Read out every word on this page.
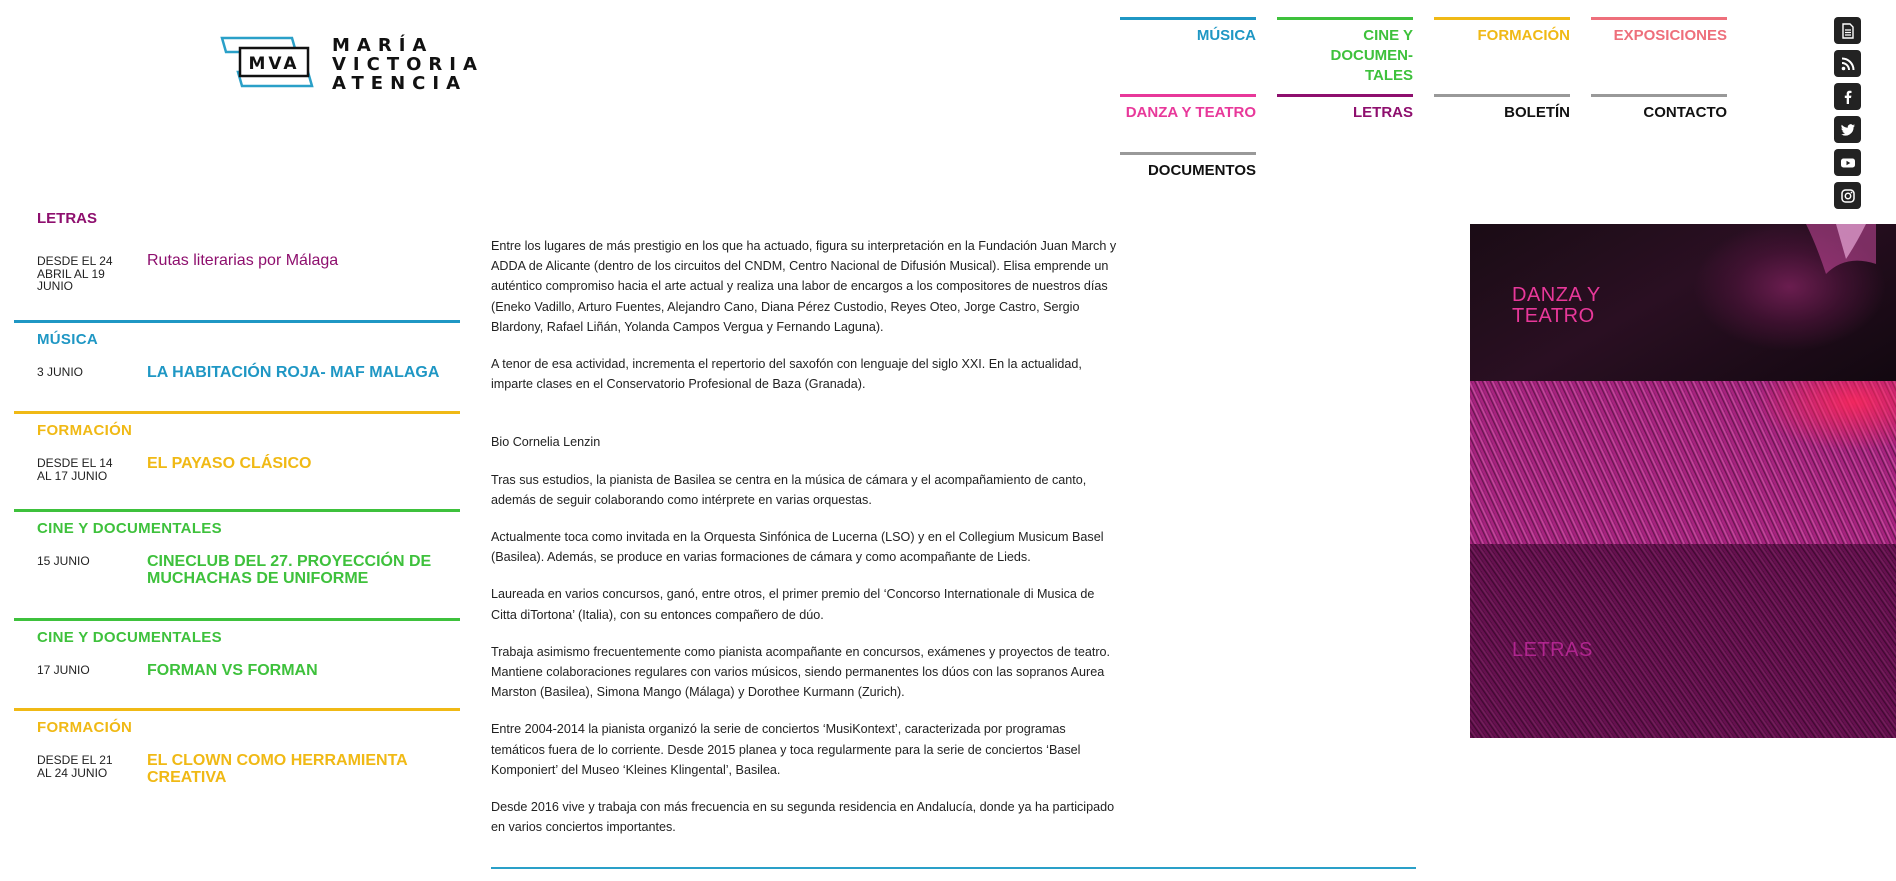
MVA
MARÍA
VICTORIA
ATENCIA
MÚSICA	CINE Y DOCUMEN-
TALES
FORMACIÓN	EXPOSICIONES
DANZA Y TEATRO	LETRAS	BOLETÍN	CONTACTO
DOCUMENTOS
LETRAS
DESDE EL 24 ABRIL AL 19 JUNIO
Rutas literarias por Málaga
MÚSICA
3 JUNIO	LA HABITACIÓN ROJA- MAF MALAGA
FORMACIÓN
DESDE EL 14 AL 17 JUNIO
EL PAYASO CLÁSICO
CINE Y DOCUMENTALES
15 JUNIO	CINECLUB DEL 27. PROYECCIÓN DE MUCHACHAS DE UNIFORME
CINE Y DOCUMENTALES
17 JUNIO	FORMAN VS FORMAN
FORMACIÓN
DESDE EL 21 AL 24 JUNIO
EL CLOWN COMO HERRAMIENTA CREATIVA

Entre los lugares de más prestigio en los que ha actuado, figura su interpretación en la Fundación Juan March y ADDA de Alicante (dentro de los circuitos del CNDM, Centro Nacional de Difusión Musical). Elisa emprende un auténtico compromiso hacia el arte actual y realiza una labor de encargos a los compositores de nuestros días (Eneko Vadillo, Arturo Fuentes, Alejandro Cano, Diana Pérez Custodio, Reyes Oteo, Jorge Castro, Sergio Blardony, Rafael Liñán, Yolanda Campos Vergua y Fernando Laguna).

A tenor de esa actividad, incrementa el repertorio del saxofón con lenguaje del siglo XXI. En la actualidad, imparte clases en el Conservatorio Profesional de Baza (Granada).

Bio Cornelia Lenzin

Tras sus estudios, la pianista de Basilea se centra en la música de cámara y el acompañamiento de canto, además de seguir colaborando como intérprete en varias orquestas.

Actualmente toca como invitada en la Orquesta Sinfónica de Lucerna (LSO) y en el Collegium Musicum Basel (Basilea). Además, se produce en varias formaciones de cámara y como acompañante de Lieds.

Laureada en varios concursos, ganó, entre otros, el primer premio del ‘Concorso Internationale di Musica de Citta diTortona’ (Italia), con su entonces compañero de dúo.

Trabaja asimismo frecuentemente como pianista acompañante en concursos, exámenes y proyectos de teatro. Mantiene colaboraciones regulares con varios músicos, siendo permanentes los dúos con las sopranos Aurea Marston (Basilea), Simona Mango (Málaga) y Dorothee Kurmann (Zurich).

Entre 2004-2014 la pianista organizó la serie de conciertos ‘MusiKontext’, caracterizada por programas temáticos fuera de lo corriente. Desde 2015 planea y toca regularmente para la serie de conciertos ‘Basel Komponiert’ del Museo ‘Kleines Klingental’, Basilea.

Desde 2016 vive y trabaja con más frecuencia en su segunda residencia en Andalucía, donde ya ha participado en varios conciertos importantes.

DANZA Y
TEATRO
LETRAS
